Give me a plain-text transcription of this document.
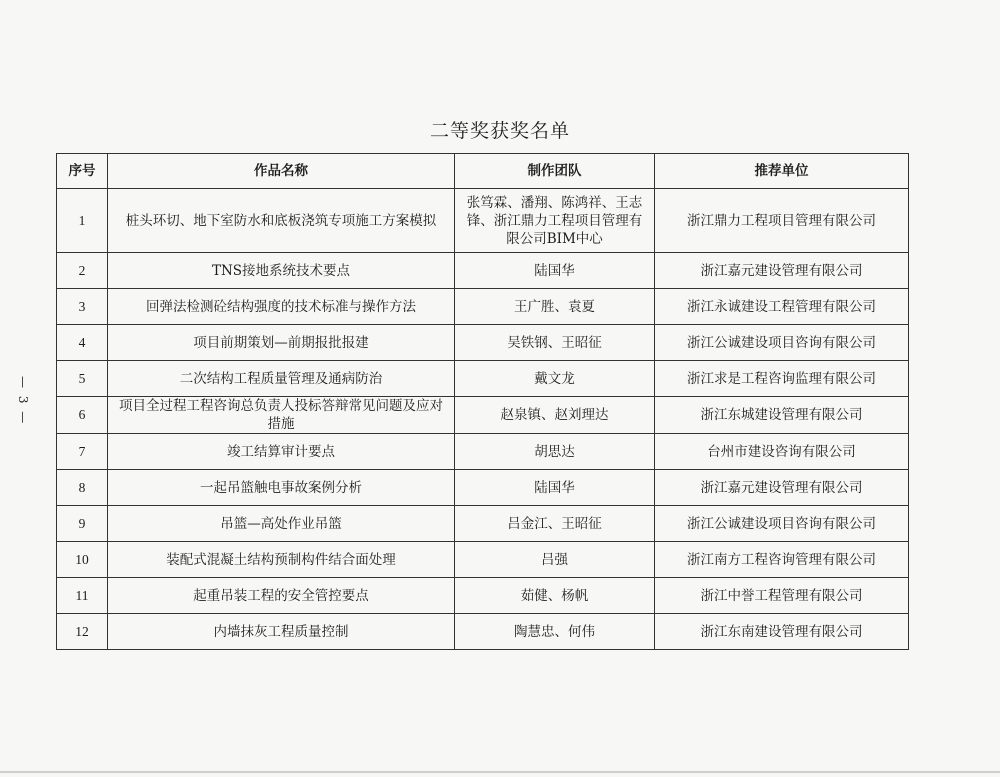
二等奖获奖名单
序号	作品名称	制作团队	推荐单位
1	桩头环切、地下室防水和底板浇筑专项施工方案模拟	张笃霖、潘翔、陈鸿祥、王志锋、浙江鼎力工程项目管理有限公司BIM中心	浙江鼎力工程项目管理有限公司
2	TNS接地系统技术要点	陆国华	浙江嘉元建设管理有限公司
3	回弹法检测砼结构强度的技术标准与操作方法	王广胜、袁夏	浙江永诚建设工程管理有限公司
4	项目前期策划—前期报批报建	吴铁钢、王昭征	浙江公诚建设项目咨询有限公司
5	二次结构工程质量管理及通病防治	戴文龙	浙江求是工程咨询监理有限公司
6	项目全过程工程咨询总负责人投标答辩常见问题及应对措施	赵泉镇、赵刘理达	浙江东城建设管理有限公司
7	竣工结算审计要点	胡思达	台州市建设咨询有限公司
8	一起吊篮触电事故案例分析	陆国华	浙江嘉元建设管理有限公司
9	吊篮—高处作业吊篮	吕金江、王昭征	浙江公诚建设项目咨询有限公司
10	装配式混凝土结构预制构件结合面处理	吕强	浙江南方工程咨询管理有限公司
11	起重吊装工程的安全管控要点	茹健、杨帆	浙江中誉工程管理有限公司
12	内墙抹灰工程质量控制	陶慧忠、何伟	浙江东南建设管理有限公司
— 3 —
